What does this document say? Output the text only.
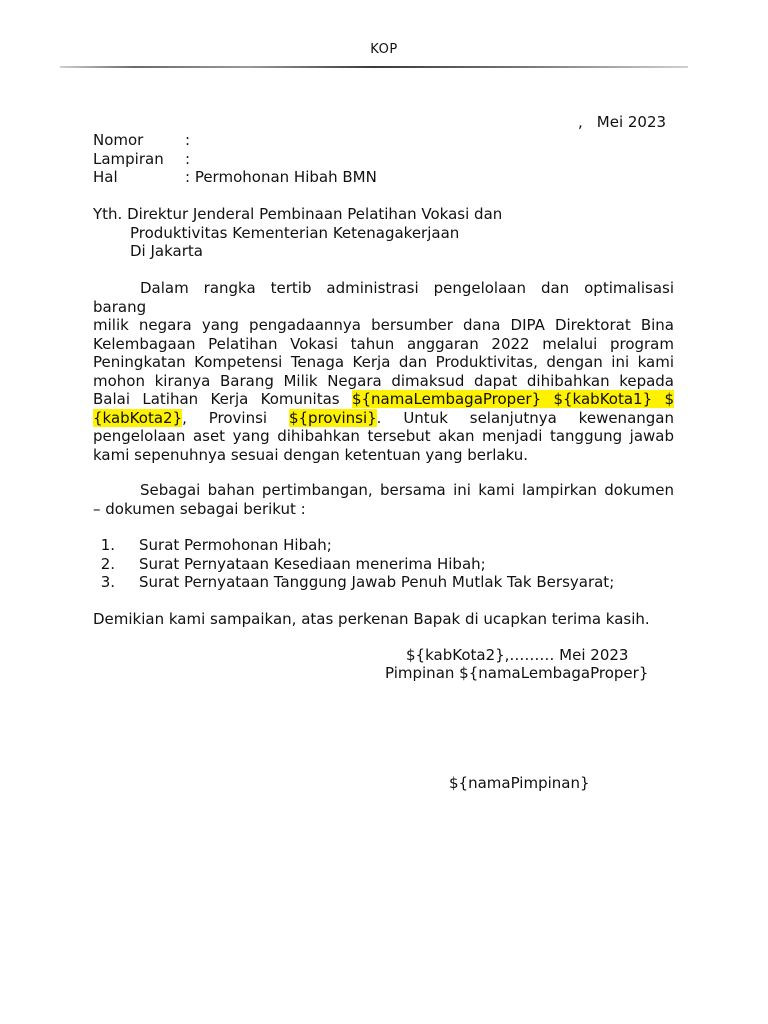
KOP
, Mei 2023
Nomor	:
Lampiran :
Hal	: Permohonan Hibah BMN
Yth. Direktur Jenderal Pembinaan Pelatihan Vokasi dan
Produktivitas Kementerian Ketenagakerjaan
Di Jakarta
Dalam rangka tertib administrasi pengelolaan dan optimalisasi
barang
milik negara yang pengadaannya bersumber dana DIPA Direktorat Bina
Kelembagaan Pelatihan Vokasi tahun anggaran 2022 melalui program
Peningkatan Kompetensi Tenaga Kerja dan Produktivitas, dengan ini kami
mohon kiranya Barang Milik Negara dimaksud dapat dihibahkan kepada
Balai Latihan Kerja Komunitas ${namaLembagaProper} ${kabKota1} $
{kabKota2}, Provinsi ${provinsi}. Untuk selanjutnya kewenangan
pengelolaan aset yang dihibahkan tersebut akan menjadi tanggung jawab
kami sepenuhnya sesuai dengan ketentuan yang berlaku.
Sebagai bahan pertimbangan, bersama ini kami lampirkan dokumen
– dokumen sebagai berikut :
1. Surat Permohonan Hibah;
2. Surat Pernyataan Kesediaan menerima Hibah;
3. Surat Pernyataan Tanggung Jawab Penuh Mutlak Tak Bersyarat;
Demikian kami sampaikan, atas perkenan Bapak di ucapkan terima kasih.
${kabKota2},……… Mei 2023
Pimpinan ${namaLembagaProper}
${namaPimpinan}
